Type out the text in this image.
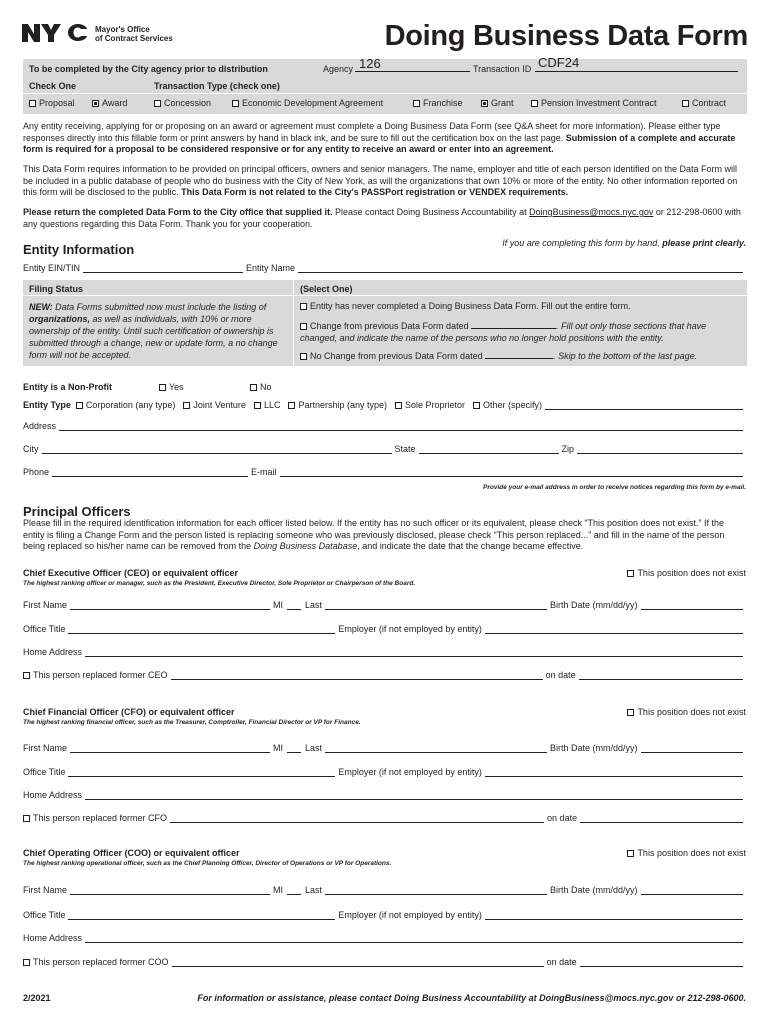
Mayor's Office
of Contract Services	Doing Business Data Form
To be completed by the City agency prior to distribution	Agency 126	Transaction ID CDF24
Check One	Transaction Type (check one)
Proposal	Award	Concession	Economic Development Agreement	Franchise	Grant	Pension Investment Contract	Contract
Any entity receiving, applying for or proposing on an award or agreement must complete a Doing Business Data Form (see Q&A sheet for more information). Please either type responses directly into this fillable form or print answers by hand in black ink, and be sure to fill out the certification box on the last page. Submission of a complete and accurate form is required for a proposal to be considered responsive or for any entity to receive an award or enter into an agreement.
This Data Form requires information to be provided on principal officers, owners and senior managers. The name, employer and title of each person identified on the Data Form will be included in a public database of people who do business with the City of New York, as will the organizations that own 10% or more of the entity. No other information reported on this form will be disclosed to the public. This Data Form is not related to the City's PASSPort registration or VENDEX requirements.
Please return the completed Data Form to the City office that supplied it. Please contact Doing Business Accountability at DoingBusiness@mocs.nyc.gov or 212-298-0600 with any questions regarding this Data Form. Thank you for your cooperation.
Entity Information	If you are completing this form by hand, please print clearly.
Entity EIN/TIN	Entity Name
Filing Status	(Select One)
NEW: Data Forms submitted now must include the listing of organizations, as well as individuals, with 10% or more ownership of the entity. Until such certification of ownership is submitted through a change, new or update form, a no change form will not be accepted.
Entity has never completed a Doing Business Data Form. Fill out the entire form.
Change from previous Data Form dated	. Fill out only those sections that have changed, and indicate the name of the persons who no longer hold positions with the entity.
No Change from previous Data Form dated	. Skip to the bottom of the last page.
Entity is a Non-Profit	Yes	No
Entity Type	Corporation (any type)	Joint Venture	LLC	Partnership (any type)	Sole Proprietor	Other (specify)
Address
City	State	Zip
Phone	E-mail
Provide your e-mail address in order to receive notices regarding this form by e-mail.
Principal Officers
Please fill in the required identification information for each officer listed below. If the entity has no such officer or its equivalent, please check “This position does not exist.” If the entity is filing a Change Form and the person listed is replacing someone who was previously disclosed, please check “This person replaced...” and fill in the name of the person being replaced so his/her name can be removed from the Doing Business Database, and indicate the date that the change became effective.
Chief Executive Officer (CEO) or equivalent officer
The highest ranking officer or manager, such as the President, Executive Director, Sole Proprietor or Chairperson of the Board.
This position does not exist
First Name	MI Last	Birth Date (mm/dd/yy)
Office Title	Employer (if not employed by entity)
Home Address
This person replaced former CEO	on date
Chief Financial Officer (CFO) or equivalent officer
The highest ranking financial officer, such as the Treasurer, Comptroller, Financial Director or VP for Finance.
This position does not exist
First Name	MI Last	Birth Date (mm/dd/yy)
Office Title	Employer (if not employed by entity)
Home Address
This person replaced former CFO	on date
Chief Operating Officer (COO) or equivalent officer
The highest ranking operational officer, such as the Chief Planning Officer, Director of Operations or VP for Operations.
This position does not exist
First Name	MI Last	Birth Date (mm/dd/yy)
Office Title	Employer (if not employed by entity)
Home Address
This person replaced former COO	on date
2/2021	For information or assistance, please contact Doing Business Accountability at DoingBusiness@mocs.nyc.gov or 212-298-0600.
